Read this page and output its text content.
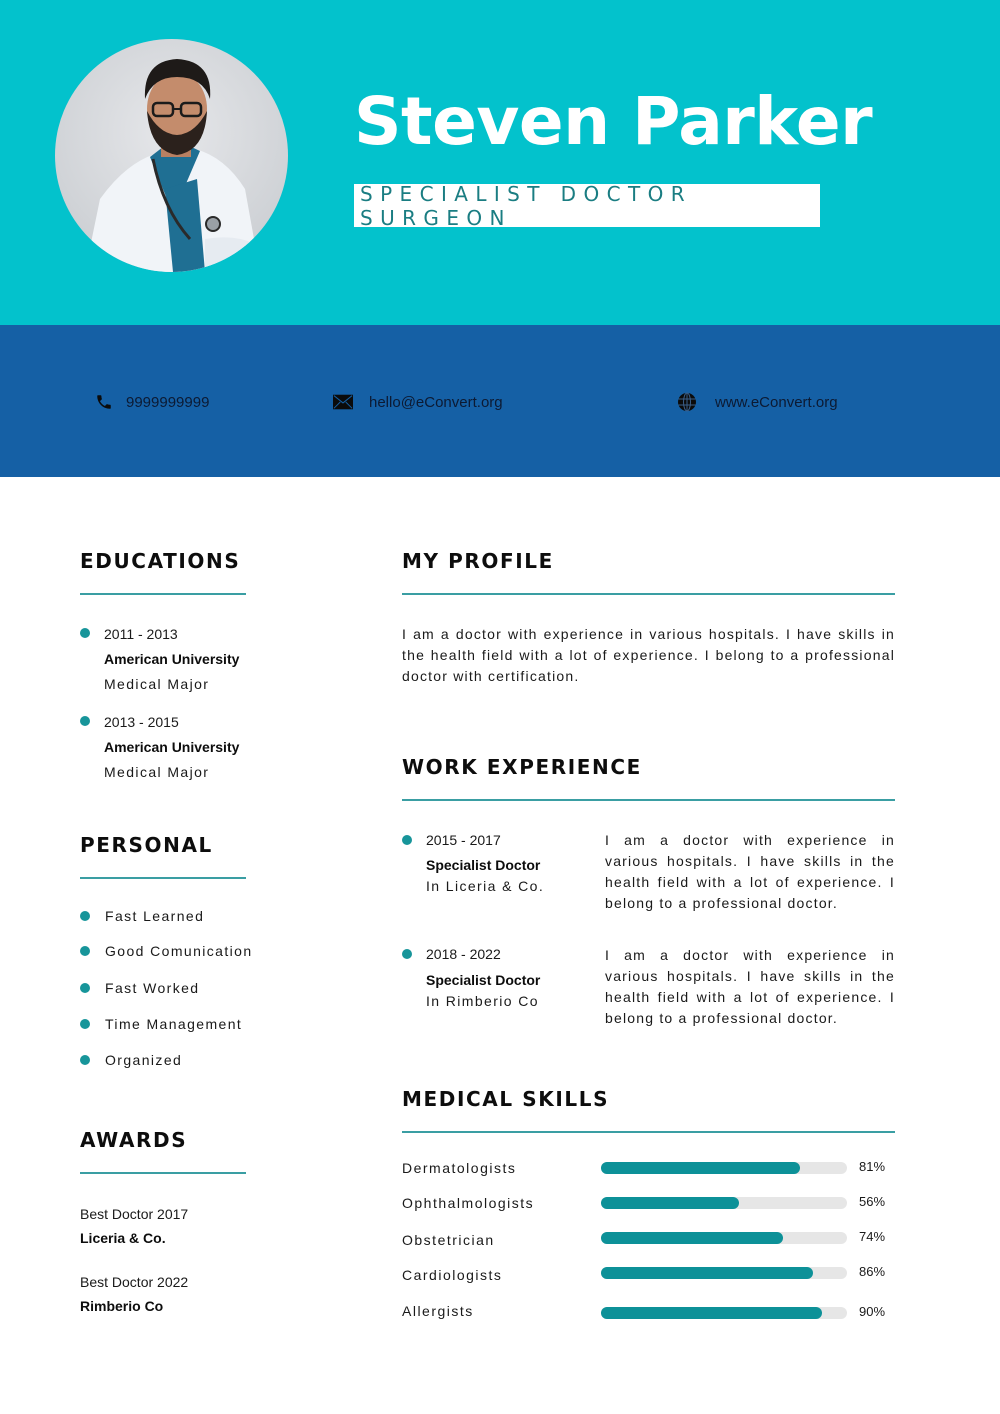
Steven Parker
SPECIALIST DOCTOR SURGEON
9999999999	hello@eConvert.org	www.eConvert.org
EDUCATIONS
2011 - 2013
American University
Medical Major
2013 - 2015
American University
Medical Major
PERSONAL
Fast Learned
Good Comunication
Fast Worked
Time Management
Organized
AWARDS
Best Doctor 2017
Liceria & Co.
Best Doctor 2022
Rimberio Co
MY PROFILE
I am a doctor with experience in various hospitals. I have skills in the health field with a lot of experience. I belong to a professional doctor with certification.
WORK EXPERIENCE
2015 - 2017
Specialist Doctor
In Liceria & Co.
I am a doctor with experience in various hospitals. I have skills in the health field with a lot of experience. I belong to a professional doctor.
2018 - 2022
Specialist Doctor
In Rimberio Co
I am a doctor with experience in various hospitals. I have skills in the health field with a lot of experience. I belong to a professional doctor.
MEDICAL SKILLS
Dermatologists	81%
Ophthalmologists	56%
Obstetrician	74%
Cardiologists	86%
Allergists	90%
